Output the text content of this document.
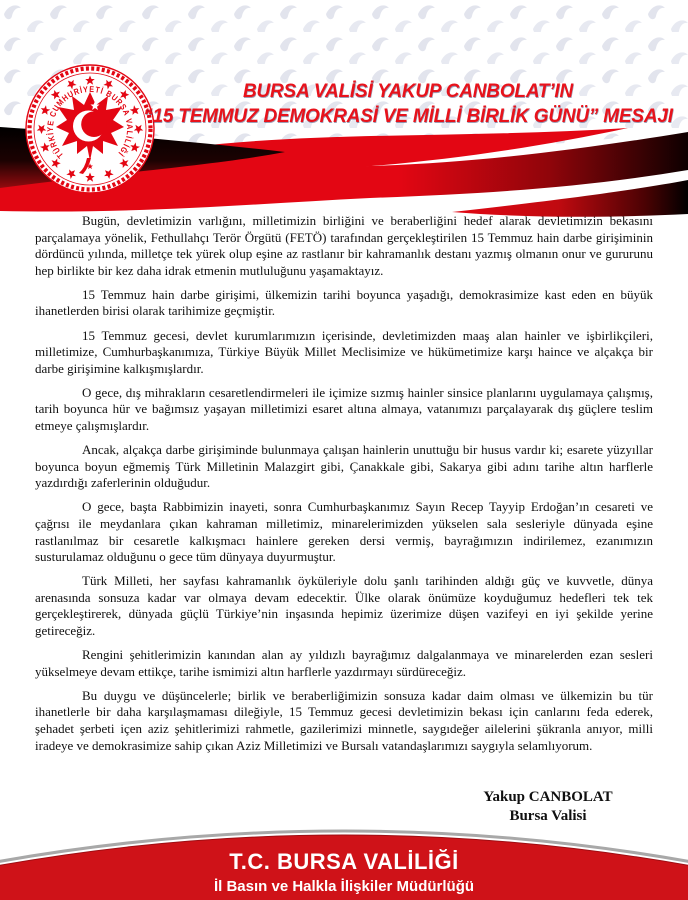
TÜRKİYE CUMHURİYETİ BURSA VALİLİĞİ
BURSA VALİSİ YAKUP CANBOLAT’IN
“15 TEMMUZ DEMOKRASİ VE MİLLİ BİRLİK GÜNÜ” MESAJI

Bugün, devletimizin varlığını, milletimizin birliğini ve beraberliğini hedef alarak devletimizin bekasını parçalamaya yönelik, Fethullahçı Terör Örgütü (FETÖ) tarafından gerçekleştirilen 15 Temmuz hain darbe girişiminin dördüncü yılında, milletçe tek yürek olup eşine az rastlanır bir kahramanlık destanı yazmış olmanın onur ve gururunu hep birlikte bir kez daha idrak etmenin mutluluğunu yaşamaktayız.

15 Temmuz hain darbe girişimi, ülkemizin tarihi boyunca yaşadığı, demokrasimize kast eden en büyük ihanetlerden birisi olarak tarihimize geçmiştir.

15 Temmuz gecesi, devlet kurumlarımızın içerisinde, devletimizden maaş alan hainler ve işbirlikçileri, milletimize, Cumhurbaşkanımıza, Türkiye Büyük Millet Meclisimize ve hükümetimize karşı haince ve alçakça bir darbe girişimine kalkışmışlardır.

O gece, dış mihrakların cesaretlendirmeleri ile içimize sızmış hainler sinsice planlarını uygulamaya çalışmış, tarih boyunca hür ve bağımsız yaşayan milletimizi esaret altına almaya, vatanımızı parçalayarak dış güçlere teslim etmeye çalışmışlardır.

Ancak, alçakça darbe girişiminde bulunmaya çalışan hainlerin unuttuğu bir husus vardır ki; esarete yüzyıllar boyunca boyun eğmemiş Türk Milletinin Malazgirt gibi, Çanakkale gibi, Sakarya gibi adını tarihe altın harflerle yazdırdığı zaferlerinin olduğudur.

O gece, başta Rabbimizin inayeti, sonra Cumhurbaşkanımız Sayın Recep Tayyip Erdoğan’ın cesareti ve çağrısı ile meydanlara çıkan kahraman milletimiz, minarelerimizden yükselen sala sesleriyle dünyada eşine rastlanılmaz bir cesaretle kalkışmacı hainlere gereken dersi vermiş, bayrağımızın indirilemez, ezanımızın susturulamaz olduğunu o gece tüm dünyaya duyurmuştur.

Türk Milleti, her sayfası kahramanlık öyküleriyle dolu şanlı tarihinden aldığı güç ve kuvvetle, dünya arenasında sonsuza kadar var olmaya devam edecektir. Ülke olarak önümüze koyduğumuz hedefleri tek tek gerçekleştirerek, dünyada güçlü Türkiye’nin inşasında hepimiz üzerimize düşen vazifeyi en iyi şekilde yerine getireceğiz.

Rengini şehitlerimizin kanından alan ay yıldızlı bayrağımız dalgalanmaya ve minarelerden ezan sesleri yükselmeye devam ettikçe, tarihe ismimizi altın harflerle yazdırmayı sürdüreceğiz.

Bu duygu ve düşüncelerle; birlik ve beraberliğimizin sonsuza kadar daim olması ve ülkemizin bu tür ihanetlerle bir daha karşılaşmaması dileğiyle, 15 Temmuz gecesi devletimizin bekası için canlarını feda ederek, şehadet şerbeti içen aziz şehitlerimizi rahmetle, gazilerimizi minnetle, saygıdeğer ailelerini şükranla anıyor, milli iradeye ve demokrasimize sahip çıkan Aziz Milletimizi ve Bursalı vatandaşlarımızı saygıyla selamlıyorum.

Yakup CANBOLAT
Bursa Valisi
T.C. BURSA VALİLİĞİ
İl Basın ve Halkla İlişkiler Müdürlüğü
